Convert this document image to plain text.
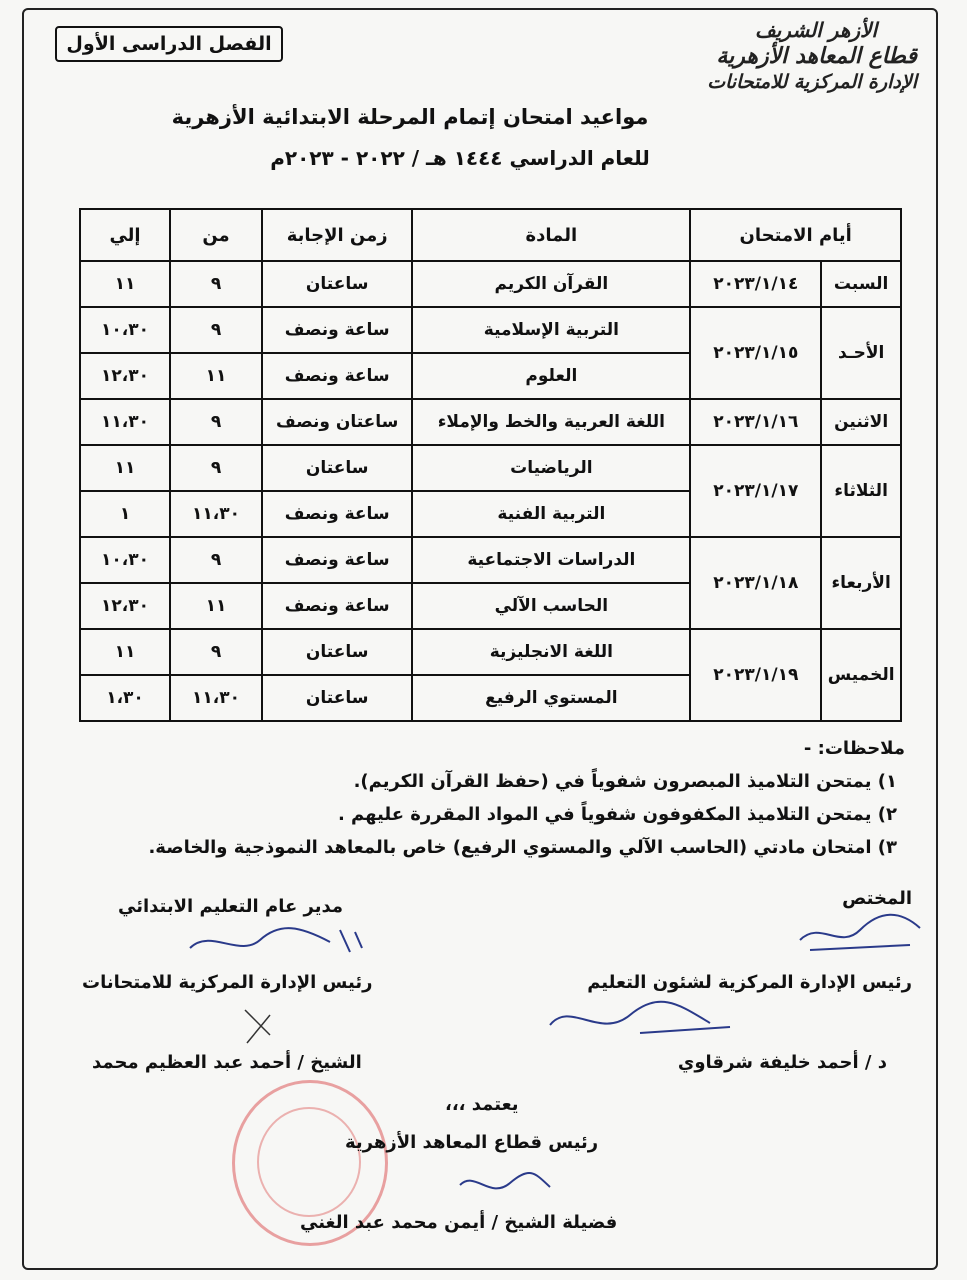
الفصل الدراسى الأول
الأزهر الشريف
قطاع المعاهد الأزهرية
الإدارة المركزية للامتحانات
مواعيد امتحان إتمام المرحلة الابتدائية الأزهرية
للعام الدراسي ١٤٤٤ هـ / ٢٠٢٢ - ٢٠٢٣م
أيام الامتحان		المادة	زمن الإجابة	من	إلي
السبت	٢٠٢٣/١/١٤	القرآن الكريم	ساعتان	٩	١١
الأحـد	٢٠٢٣/١/١٥	التربية الإسلامية	ساعة ونصف	٩	١٠،٣٠
		العلوم	ساعة ونصف	١١	١٢،٣٠
الاثنين	٢٠٢٣/١/١٦	اللغة العربية والخط والإملاء	ساعتان ونصف	٩	١١،٣٠
الثلاثاء	٢٠٢٣/١/١٧	الرياضيات	ساعتان	٩	١١
		التربية الفنية	ساعة ونصف	١١،٣٠	١
الأربعاء	٢٠٢٣/١/١٨	الدراسات الاجتماعية	ساعة ونصف	٩	١٠،٣٠
		الحاسب الآلي	ساعة ونصف	١١	١٢،٣٠
الخميس	٢٠٢٣/١/١٩	اللغة الانجليزية	ساعتان	٩	١١
		المستوي الرفيع	ساعتان	١١،٣٠	١،٣٠
ملاحظات: -
١) يمتحن التلاميذ المبصرون شفوياً في (حفظ القرآن الكريم).
٢) يمتحن التلاميذ المكفوفون شفوياً في المواد المقررة عليهم .
٣) امتحان مادتي (الحاسب الآلي والمستوي الرفيع) خاص بالمعاهد النموذجية والخاصة.
المختص
مدير عام التعليم الابتدائي
رئيس الإدارة المركزية لشئون التعليم
رئيس الإدارة المركزية للامتحانات
د / أحمد خليفة شرقاوي
الشيخ / أحمد عبد العظيم محمد
يعتمد ،،،
رئيس قطاع المعاهد الأزهرية
فضيلة الشيخ / أيمن محمد عبد الغني
